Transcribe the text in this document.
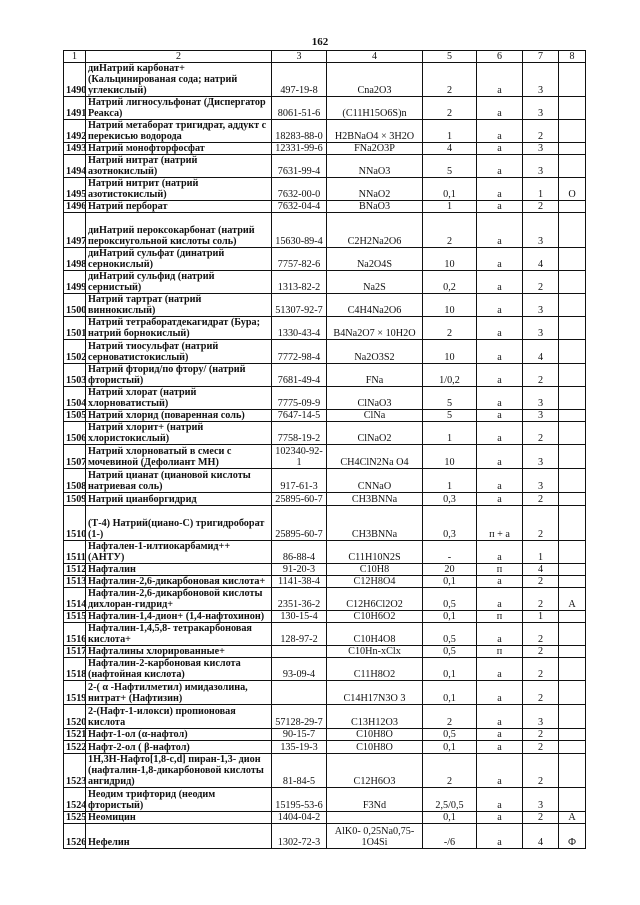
162
1	2	3	4	5	6	7	8
1490	диНатрий карбонат+ (Кальцинированая сода; натрий углекислый)	497-19-8	Сna2O3	2	а	3	
1491	Натрий лигносульфонат (Диспергатор Реакса)	8061-51-6	(C11H15O6S)n	2	а	3	
1492	Натрий метаборат тригидрат, аддукт с перекисью водорода	18283-88-0	H2BNaO4 × 3H2O	1	а	2	
1493	Натрий монофторфосфат	12331-99-6	FNa2O3P	4	а	3	
1494	Натрий нитрат (натрий азотнокислый)	7631-99-4	NNaO3	5	а	3	
1495	Натрий нитрит (натрий азотистокислый)	7632-00-0	NNaO2	0,1	а	1	О
1496	Натрий перборат	7632-04-4	BNaO3	1	а	2	
1497	диНатрий пероксокарбонат (натрий пероксиугольной кислоты соль)	15630-89-4	C2H2Na2O6	2	а	3	
1498	диНатрий сульфат (динатрий сернокислый)	7757-82-6	Na2O4S	10	а	4	
1499	диНатрий сульфид (натрий сернистый)	1313-82-2	Na2S	0,2	а	2	
1500	Натрий тартрат (натрий виннокислый)	51307-92-7	C4H4Na2O6	10	а	3	
1501	Натрий тетраборатдекагидрат (Бура; натрий борнокислый)	1330-43-4	B4Na2O7 × 10H2O	2	а	3	
1502	Натрий тиосульфат (натрий серноватистокислый)	7772-98-4	Na2O3S2	10	а	4	
1503	Натрий фторид/по фтору/ (натрий фтористый)	7681-49-4	FNa	1/0,2	а	2	
1504	Натрий хлорат (натрий хлорноватистый)	7775-09-9	ClNaO3	5	а	3	
1505	Натрий хлорид (поваренная соль)	7647-14-5	ClNa	5	а	3	
1506	Натрий хлорит+ (натрий хлористокислый)	7758-19-2	ClNaO2	1	а	2	
1507	Натрий хлорноватый в смеси с мочевиной (Дефолиант МН)	102340-92-1	CH4ClN2Na O4	10	а	3	
1508	Натрий цианат (циановой кислоты натриевая соль)	917-61-3	CNNaO	1	а	3	
1509	Натрий цианборгидрид	25895-60-7	CH3BNNa	0,3	а	2	
1510	(Т-4) Натрий(циано-С) тригидроборат (1-)	25895-60-7	CH3BNNa	0,3	п + а	2	
1511	Нафтален-1-илтиокарбамид++ (АНТУ)	86-88-4	C11H10N2S	-	а	1	
1512	Нафталин	91-20-3	C10H8	20	п	4	
1513	Нафталин-2,6-дикарбоновая кислота+	1141-38-4	C12H8O4	0,1	а	2	
1514	Нафталин-2,6-дикарбоновой кислоты дихлоран-гидрид+	2351-36-2	C12H6Cl2O2	0,5	а	2	А
1515	Нафталин-1,4-дион+ (1,4-нафтохинон)	130-15-4	C10H6O2	0,1	п	1	
1516	Нафталин-1,4,5,8- тетракарбоновая кислота+	128-97-2	C10H4O8	0,5	а	2	
1517	Нафталины хлорированные+		C10Hn-xClx	0,5	п	2	
1518	Нафталин-2-карбоновая кислота (нафтойная кислота)	93-09-4	C11H8O2	0,1	а	2	
1519	2-( α -Нафтилметил) имидазолина, нитрат+ (Нафтизин)		C14H17N3O 3	0,1	а	2	
1520	2-(Нафт-1-илокси) пропионовая кислота	57128-29-7	C13H12O3	2	а	3	
1521	Нафт-1-ол (α-нафтол)	90-15-7	C10H8O	0,5	а	2	
1522	Нафт-2-ол ( β-нафтол)	135-19-3	C10H8O	0,1	а	2	
1523	1Н,3Н-Нафто[1,8-с,d] пиран-1,3- дион (нафталин-1,8-дикарбоновой кислоты ангидрид)	81-84-5	C12H6O3	2	а	2	
1524	Неодим трифторид (неодим фтористый)	15195-53-6	F3Nd	2,5/0,5	а	3	
1525	Неомицин	1404-04-2		0,1	а	2	А
1526	Нефелин	1302-72-3	AlK0- 0,25Na0,75-1O4Si	-/6	а	4	Ф
